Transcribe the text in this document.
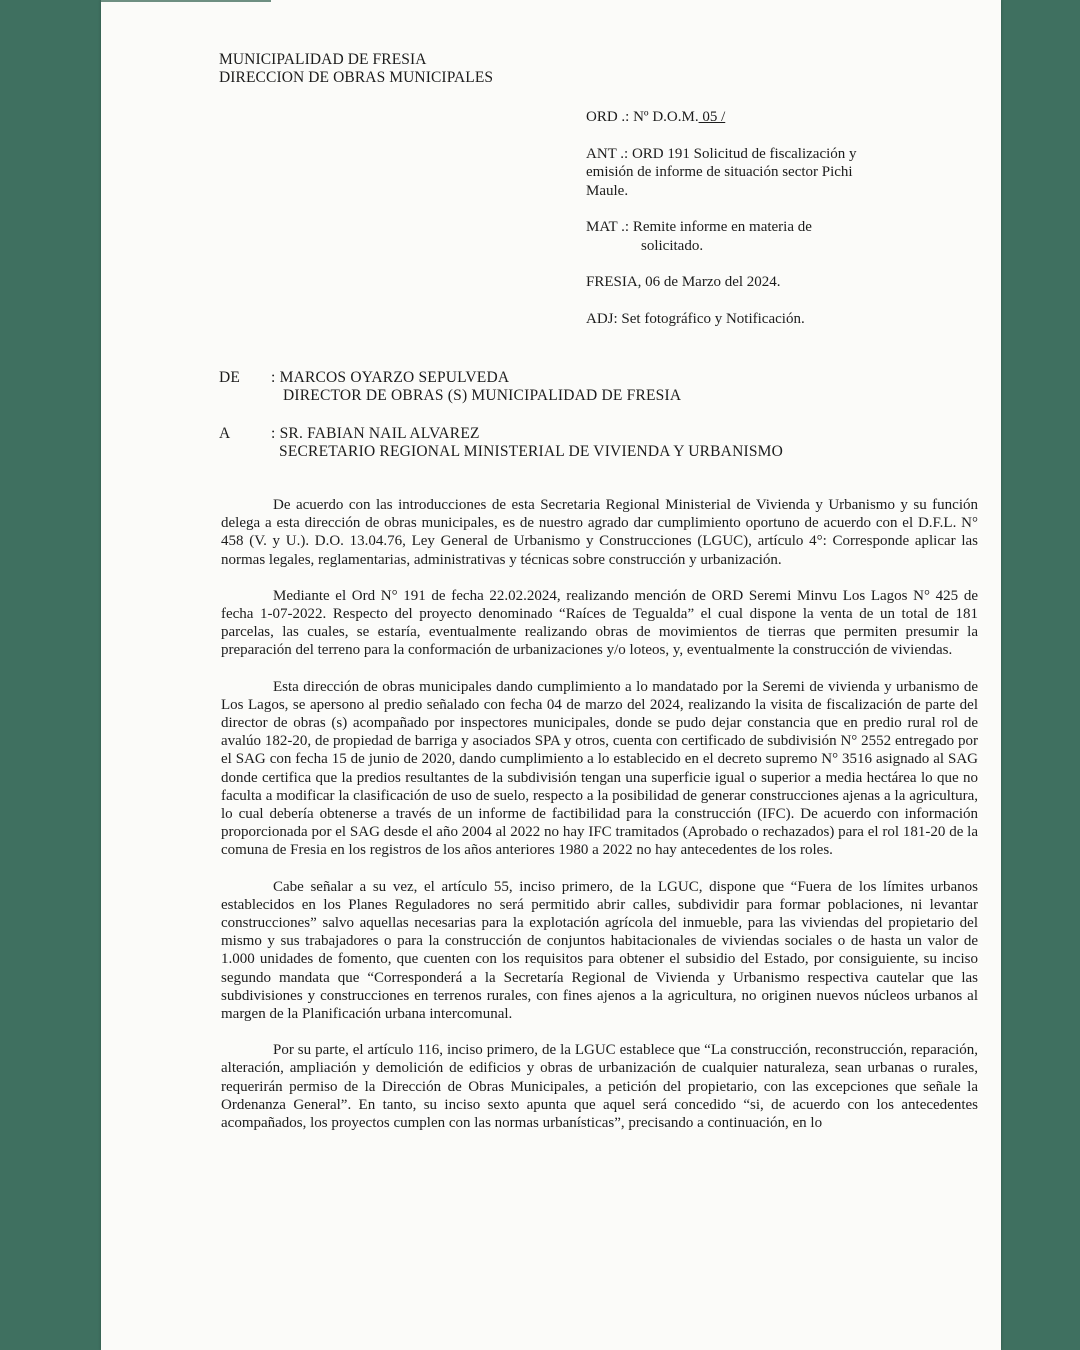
MUNICIPALIDAD DE FRESIA
DIRECCION DE OBRAS MUNICIPALES
ORD .: Nº D.O.M. 05 /
ANT .: ORD 191 Solicitud de fiscalización y emisión de informe de situación sector Pichi Maule.
MAT .: Remite informe en materia de
solicitado.
FRESIA, 06 de Marzo del 2024.
ADJ: Set fotográfico y Notificación.
DE : MARCOS OYARZO SEPULVEDA
DIRECTOR DE OBRAS (S) MUNICIPALIDAD DE FRESIA
A	: SR. FABIAN NAIL ALVAREZ
SECRETARIO REGIONAL MINISTERIAL DE VIVIENDA Y URBANISMO

De acuerdo con las introducciones de esta Secretaria Regional Ministerial de Vivienda y Urbanismo y su función delega a esta dirección de obras municipales, es de nuestro agrado dar cumplimiento oportuno de acuerdo con el D.F.L. N° 458 (V. y U.). D.O. 13.04.76, Ley General de Urbanismo y Construcciones (LGUC), artículo 4°: Corresponde aplicar las normas legales, reglamentarias, administrativas y técnicas sobre construcción y urbanización.

Mediante el Ord N° 191 de fecha 22.02.2024, realizando mención de ORD Seremi Minvu Los Lagos N° 425 de fecha 1-07-2022. Respecto del proyecto denominado “Raíces de Tegualda” el cual dispone la venta de un total de 181 parcelas, las cuales, se estaría, eventualmente realizando obras de movimientos de tierras que permiten presumir la preparación del terreno para la conformación de urbanizaciones y/o loteos, y, eventualmente la construcción de viviendas.

Esta dirección de obras municipales dando cumplimiento a lo mandatado por la Seremi de vivienda y urbanismo de Los Lagos, se apersono al predio señalado con fecha 04 de marzo del 2024, realizando la visita de fiscalización de parte del director de obras (s) acompañado por inspectores municipales, donde se pudo dejar constancia que en predio rural rol de avalúo 182-20, de propiedad de barriga y asociados SPA y otros, cuenta con certificado de subdivisión N° 2552 entregado por el SAG con fecha 15 de junio de 2020, dando cumplimiento a lo establecido en el decreto supremo N° 3516 asignado al SAG donde certifica que la predios resultantes de la subdivisión tengan una superficie igual o superior a media hectárea lo que no faculta a modificar la clasificación de uso de suelo, respecto a la posibilidad de generar construcciones ajenas a la agricultura, lo cual debería obtenerse a través de un informe de factibilidad para la construcción (IFC). De acuerdo con información proporcionada por el SAG desde el año 2004 al 2022 no hay IFC tramitados (Aprobado o rechazados) para el rol 181-20 de la comuna de Fresia en los registros de los años anteriores 1980 a 2022 no hay antecedentes de los roles.

Cabe señalar a su vez, el artículo 55, inciso primero, de la LGUC, dispone que “Fuera de los límites urbanos establecidos en los Planes Reguladores no será permitido abrir calles, subdividir para formar poblaciones, ni levantar construcciones” salvo aquellas necesarias para la explotación agrícola del inmueble, para las viviendas del propietario del mismo y sus trabajadores o para la construcción de conjuntos habitacionales de viviendas sociales o de hasta un valor de 1.000 unidades de fomento, que cuenten con los requisitos para obtener el subsidio del Estado, por consiguiente, su inciso segundo mandata que “Corresponderá a la Secretaría Regional de Vivienda y Urbanismo respectiva cautelar que las subdivisiones y construcciones en terrenos rurales, con fines ajenos a la agricultura, no originen nuevos núcleos urbanos al margen de la Planificación urbana intercomunal.

Por su parte, el artículo 116, inciso primero, de la LGUC establece que “La construcción, reconstrucción, reparación, alteración, ampliación y demolición de edificios y obras de urbanización de cualquier naturaleza, sean urbanas o rurales, requerirán permiso de la Dirección de Obras Municipales, a petición del propietario, con las excepciones que señale la Ordenanza General”. En tanto, su inciso sexto apunta que aquel será concedido “si, de acuerdo con los antecedentes acompañados, los proyectos cumplen con las normas urbanísticas”, precisando a continuación, en lo
